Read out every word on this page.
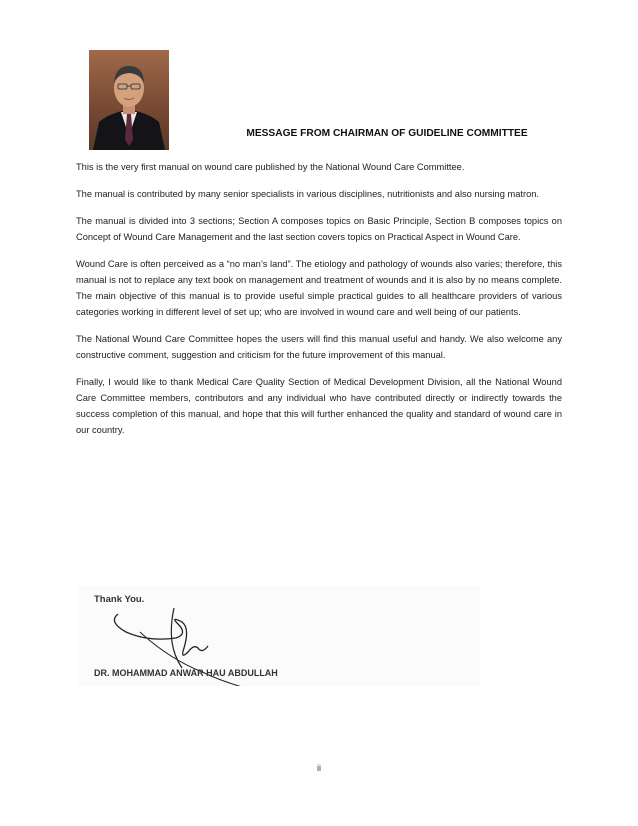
MESSAGE FROM CHAIRMAN OF GUIDELINE COMMITTEE

This is the very first manual on wound care published by the National Wound Care Committee.

The manual is contributed by many senior specialists in various disciplines, nutritionists and also nursing matron.

The manual is divided into 3 sections; Section A composes topics on Basic Principle, Section B composes topics on Concept of Wound Care Management and the last section covers topics on Practical Aspect in Wound Care.

Wound Care is often perceived as a “no man’s land”. The etiology and pathology of wounds also varies; therefore, this manual is not to replace any text book on management and treatment of wounds and it is also by no means complete. The main objective of this manual is to provide useful simple practical guides to all healthcare providers of various categories working in different level of set up; who are involved in wound care and well being of our patients.

The National Wound Care Committee hopes the users will find this manual useful and handy. We also welcome any constructive comment, suggestion and criticism for the future improvement of this manual.

Finally, I would like to thank Medical Care Quality Section of Medical Development Division, all the National Wound Care Committee members, contributors and any individual who have contributed directly or indirectly towards the success completion of this manual, and hope that this will further enhanced the quality and standard of wound care in our country.

Thank You.
DR. MOHAMMAD ANWAR HAU ABDULLAH
ii
